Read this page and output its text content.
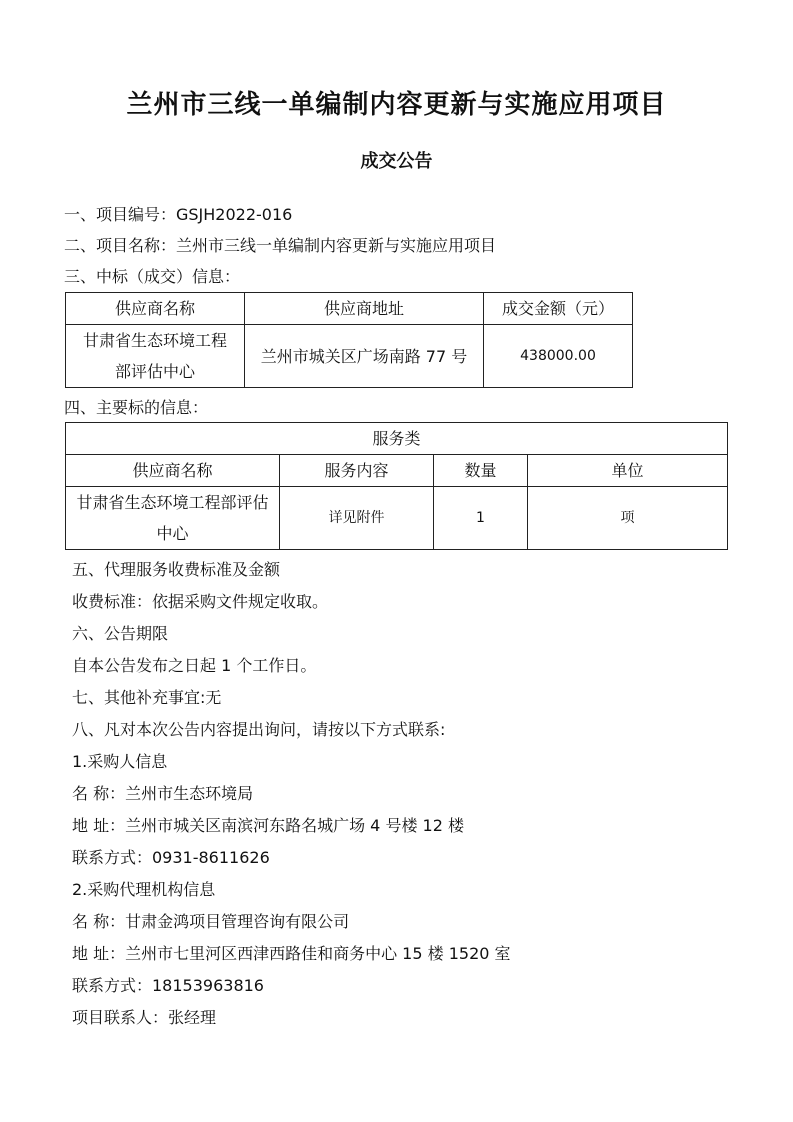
兰州市三线一单编制内容更新与实施应用项目
成交公告
一、项目编号：GSJH2022-016
二、项目名称：兰州市三线一单编制内容更新与实施应用项目
三、中标（成交）信息：
供应商名称	供应商地址	成交金额（元）
甘肃省生态环境工程部评估中心	兰州市城关区广场南路 77 号	438000.00
四、主要标的信息：
服务类			
供应商名称	服务内容	数量	单位
甘肃省生态环境工程部评估中心	详见附件	1	项
五、代理服务收费标准及金额
收费标准：依据采购文件规定收取。
六、公告期限
自本公告发布之日起 1 个工作日。
七、其他补充事宜:无
八、凡对本次公告内容提出询问，请按以下方式联系:
1.采购人信息
名 称：兰州市生态环境局
地 址：兰州市城关区南滨河东路名城广场 4 号楼 12 楼
联系方式：0931-8611626
2.采购代理机构信息
名 称：甘肃金鸿项目管理咨询有限公司
地 址：兰州市七里河区西津西路佳和商务中心 15 楼 1520 室
联系方式：18153963816
项目联系人：张经理
